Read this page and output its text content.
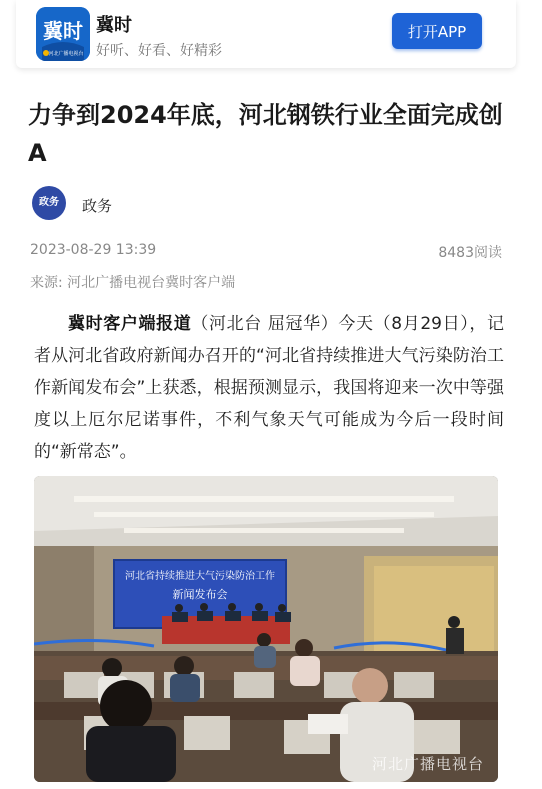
冀时
河北广播电视台
冀时
好听、好看、好精彩
打开APP
力争到2024年底，河北钢铁行业全面完成创A
政务	政务
2023-08-29 13:39	8483阅读
来源: 河北广播电视台冀时客户端

冀时客户端报道（河北台 屈冠华）今天（8月29日），记者从河北省政府新闻办召开的“河北省持续推进大气污染防治工作新闻发布会”上获悉，根据预测显示，我国将迎来一次中等强度以上厄尔尼诺事件，不利气象天气可能成为今后一段时间的“新常态”。

河北省持续推进大气污染防治工作
新闻发布会
河北广播电视台
